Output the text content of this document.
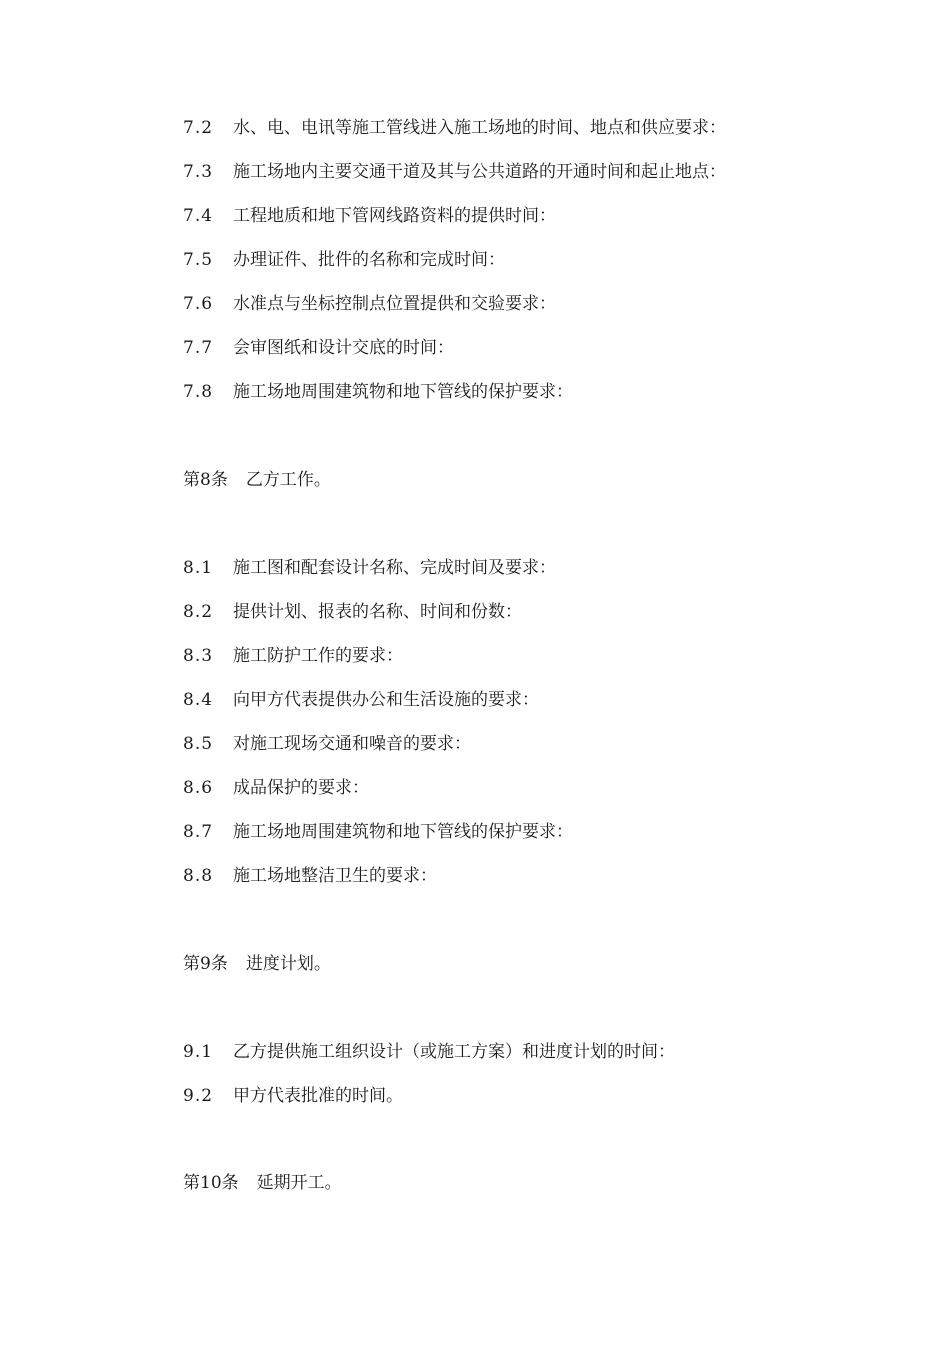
7.2 水、电、电讯等施工管线进入施工场地的时间、地点和供应要求：
7.3 施工场地内主要交通干道及其与公共道路的开通时间和起止地点：
7.4 工程地质和地下管网线路资料的提供时间：
7.5 办理证件、批件的名称和完成时间：
7.6 水准点与坐标控制点位置提供和交验要求：
7.7 会审图纸和设计交底的时间：
7.8 施工场地周围建筑物和地下管线的保护要求：
第8条 乙方工作。
8.1 施工图和配套设计名称、完成时间及要求：
8.2 提供计划、报表的名称、时间和份数：
8.3 施工防护工作的要求：
8.4 向甲方代表提供办公和生活设施的要求：
8.5 对施工现场交通和噪音的要求：
8.6 成品保护的要求：
8.7 施工场地周围建筑物和地下管线的保护要求：
8.8 施工场地整洁卫生的要求：
第9条 进度计划。
9.1 乙方提供施工组织设计（或施工方案）和进度计划的时间：
9.2 甲方代表批准的时间。
第10条 延期开工。
